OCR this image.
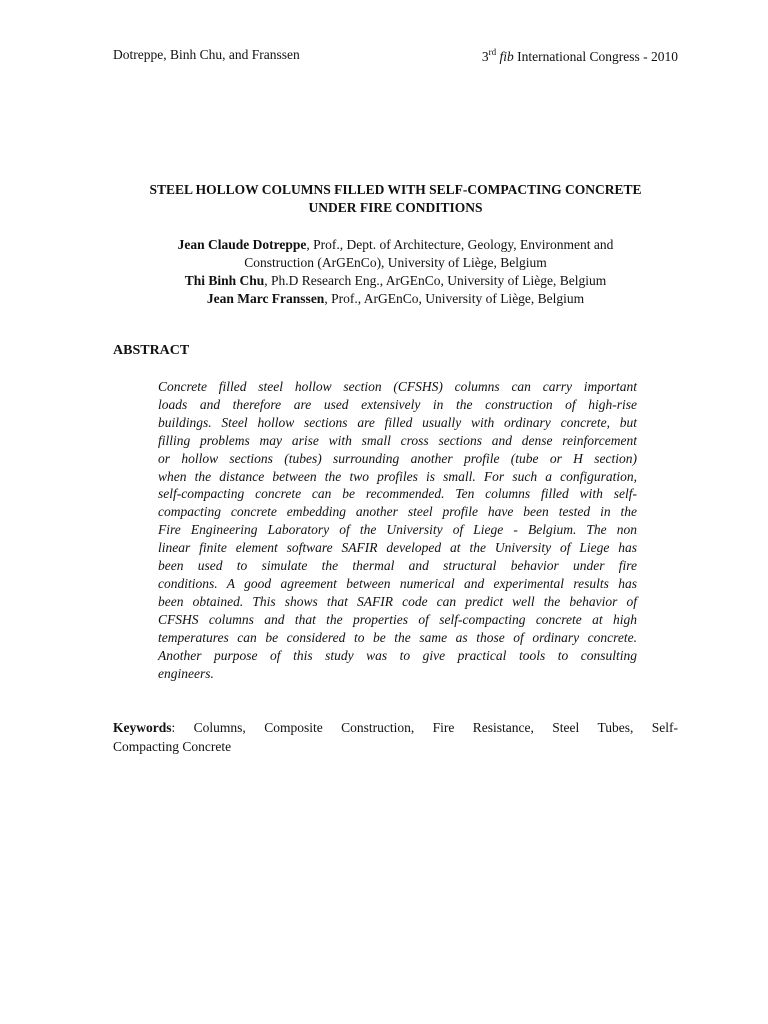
Dotreppe, Binh Chu, and Franssen	3rd fib International Congress - 2010
STEEL HOLLOW COLUMNS FILLED WITH SELF-COMPACTING CONCRETE
UNDER FIRE CONDITIONS
Jean Claude Dotreppe, Prof., Dept. of Architecture, Geology, Environment and
Construction (ArGEnCo), University of Liège, Belgium
Thi Binh Chu, Ph.D Research Eng., ArGEnCo, University of Liège, Belgium
Jean Marc Franssen, Prof., ArGEnCo, University of Liège, Belgium
ABSTRACT
Concrete filled steel hollow section (CFSHS) columns can carry important
loads and therefore are used extensively in the construction of high-rise
buildings. Steel hollow sections are filled usually with ordinary concrete, but
filling problems may arise with small cross sections and dense reinforcement
or hollow sections (tubes) surrounding another profile (tube or H section)
when the distance between the two profiles is small. For such a configuration,
self-compacting concrete can be recommended. Ten columns filled with self-
compacting concrete embedding another steel profile have been tested in the
Fire Engineering Laboratory of the University of Liege - Belgium. The non
linear finite element software SAFIR developed at the University of Liege has
been used to simulate the thermal and structural behavior under fire
conditions. A good agreement between numerical and experimental results has
been obtained. This shows that SAFIR code can predict well the behavior of
CFSHS columns and that the properties of self-compacting concrete at high
temperatures can be considered to be the same as those of ordinary concrete.
Another purpose of this study was to give practical tools to consulting
engineers.
Keywords: Columns, Composite Construction, Fire Resistance, Steel Tubes, Self-
Compacting Concrete
